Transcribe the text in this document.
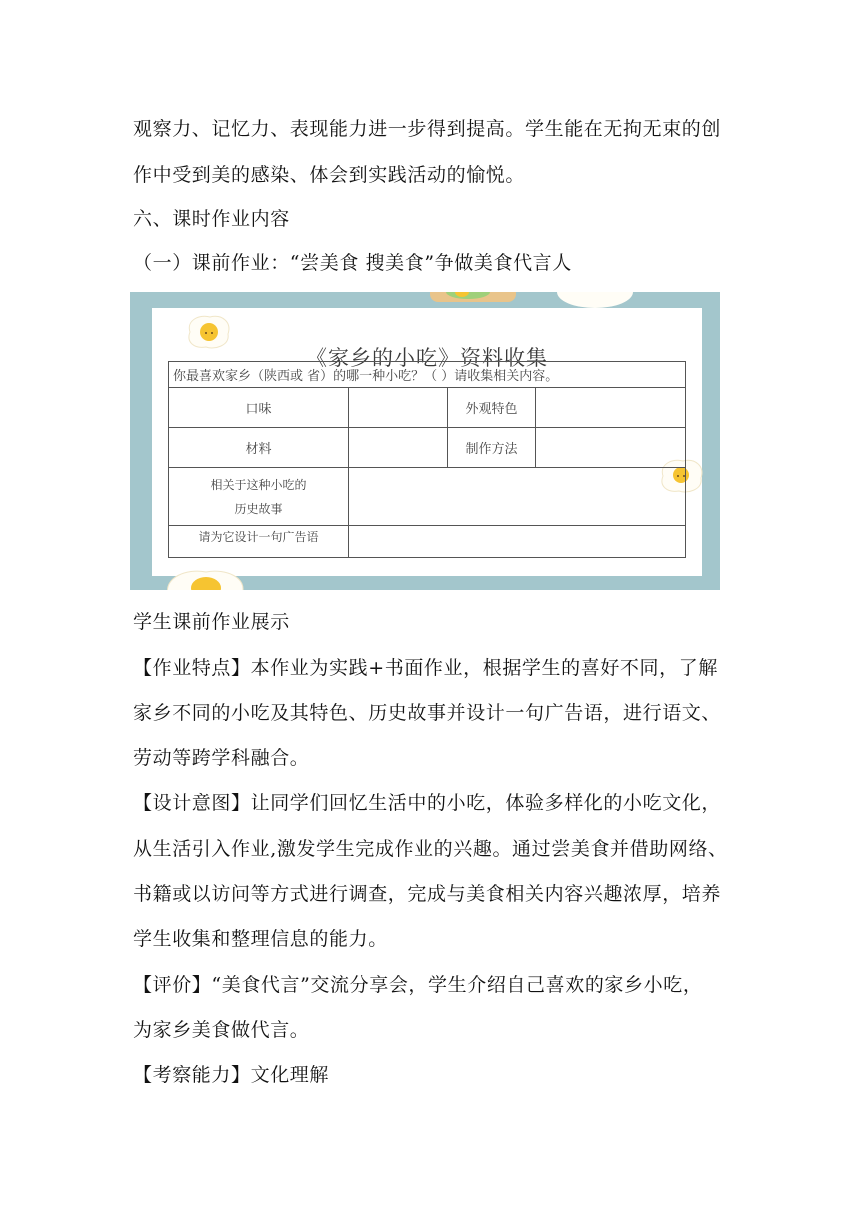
观察力、记忆力、表现能力进一步得到提高。学生能在无拘无束的创
作中受到美的感染、体会到实践活动的愉悦。
六、课时作业内容
（一）课前作业：“尝美食 搜美食”争做美食代言人
《家乡的小吃》资料收集
你最喜欢家乡（陕西或 省）的哪一种小吃？（ ）请收集相关内容。			
口味		外观特色	
材料		制作方法	

相关于这种小吃的
历史故事			

请为它设计一句广告语			
学生课前作业展示
【作业特点】本作业为实践+书面作业，根据学生的喜好不同，了解
家乡不同的小吃及其特色、历史故事并设计一句广告语，进行语文、
劳动等跨学科融合。
【设计意图】让同学们回忆生活中的小吃，体验多样化的小吃文化，
从生活引入作业,激发学生完成作业的兴趣。通过尝美食并借助网络、
书籍或以访问等方式进行调查，完成与美食相关内容兴趣浓厚，培养
学生收集和整理信息的能力。
【评价】“美食代言”交流分享会，学生介绍自己喜欢的家乡小吃，
为家乡美食做代言。
【考察能力】文化理解
